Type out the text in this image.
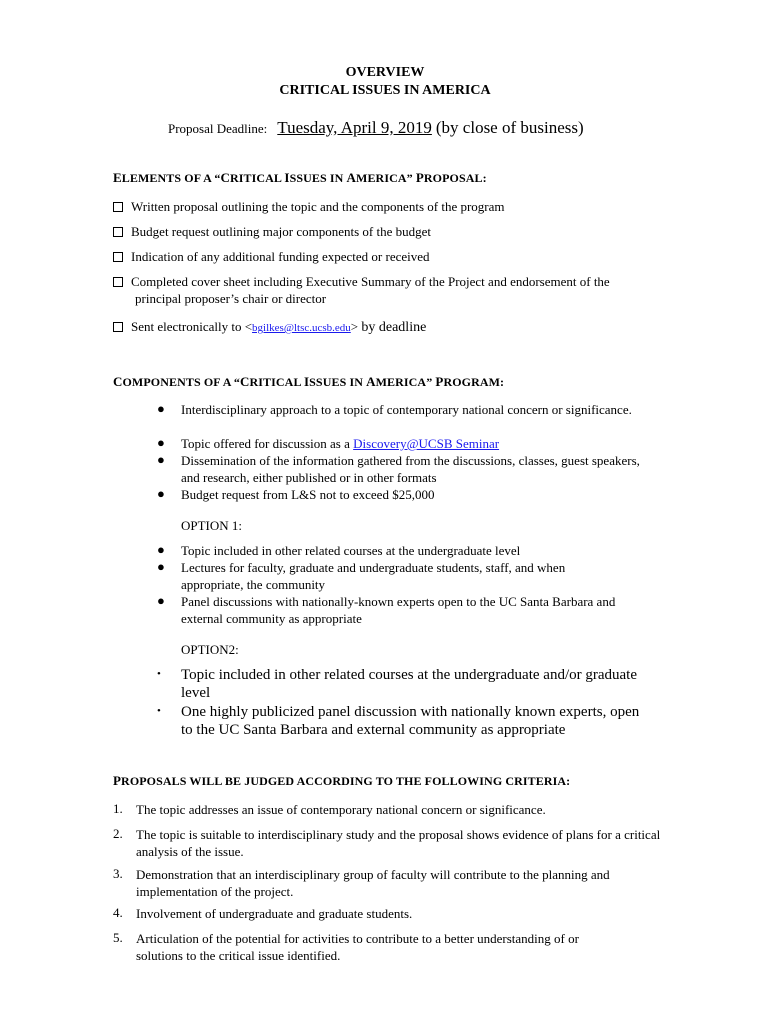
OVERVIEW
CRITICAL ISSUES IN AMERICA
Proposal Deadline: Tuesday, April 9, 2019 (by close of business)
ELEMENTS OF A “CRITICAL ISSUES IN AMERICA” PROPOSAL:
Written proposal outlining the topic and the components of the program
Budget request outlining major components of the budget
Indication of any additional funding expected or received
Completed cover sheet including Executive Summary of the Project and endorsement of the principal proposer’s chair or director
Sent electronically to <bgilkes@ltsc.ucsb.edu> by deadline
COMPONENTS OF A “CRITICAL ISSUES IN AMERICA” PROGRAM:
● Interdisciplinary approach to a topic of contemporary national concern or significance.
● Topic offered for discussion as a Discovery@UCSB Seminar
● Dissemination of the information gathered from the discussions, classes, guest speakers, and research, either published or in other formats
● Budget request from L&S not to exceed $25,000
OPTION 1:
● Topic included in other related courses at the undergraduate level
● Lectures for faculty, graduate and undergraduate students, staff, and when appropriate, the community
● Panel discussions with nationally-known experts open to the UC Santa Barbara and external community as appropriate
OPTION2:
• Topic included in other related courses at the undergraduate and/or graduate level
• One highly publicized panel discussion with nationally known experts, open to the UC Santa Barbara and external community as appropriate
PROPOSALS WILL BE JUDGED ACCORDING TO THE FOLLOWING CRITERIA:
1. The topic addresses an issue of contemporary national concern or significance.
2. The topic is suitable to interdisciplinary study and the proposal shows evidence of plans for a critical analysis of the issue.
3. Demonstration that an interdisciplinary group of faculty will contribute to the planning and implementation of the project.
4. Involvement of undergraduate and graduate students.
5. Articulation of the potential for activities to contribute to a better understanding of or solutions to the critical issue identified.
